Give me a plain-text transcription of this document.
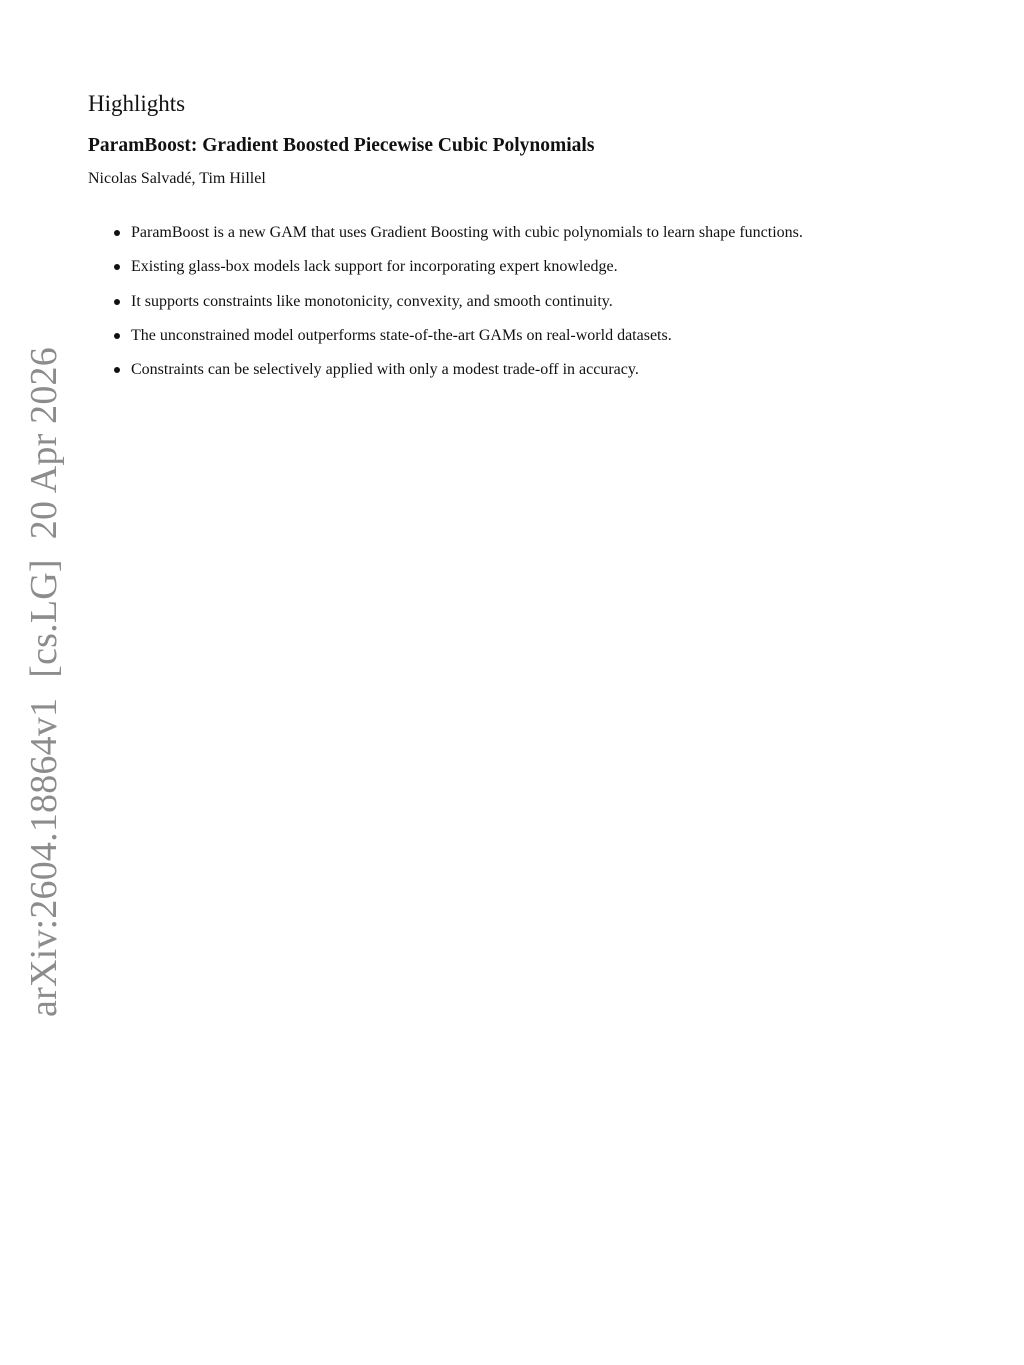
Highlights
ParamBoost: Gradient Boosted Piecewise Cubic Polynomials

Nicolas Salvadé, Tim Hillel

ParamBoost is a new GAM that uses Gradient Boosting with cubic polynomials to learn shape functions.
Existing glass-box models lack support for incorporating expert knowledge.
It supports constraints like monotonicity, convexity, and smooth continuity.
The unconstrained model outperforms state-of-the-art GAMs on real-world datasets.
Constraints can be selectively applied with only a modest trade-off in accuracy.
arXiv:2604.18864v1[cs.LG]20 Apr 2026
